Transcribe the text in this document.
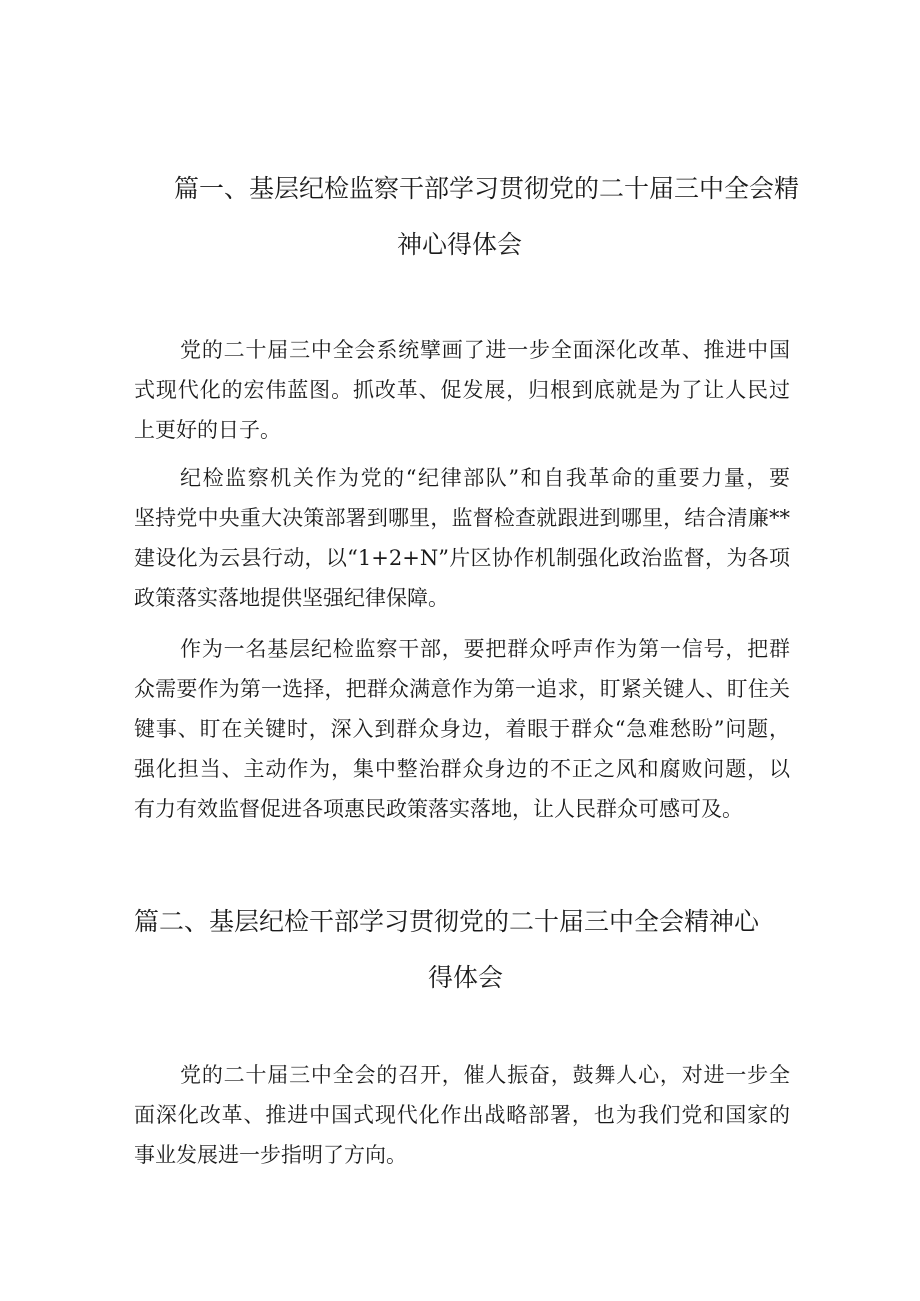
篇一、基层纪检监察干部学习贯彻党的二十届三中全会精
神心得体会

党的二十届三中全会系统擘画了进一步全面深化改革、推进中国
式现代化的宏伟蓝图。抓改革、促发展，归根到底就是为了让人民过
上更好的日子。

纪检监察机关作为党的“纪律部队”和自我革命的重要力量，要
坚持党中央重大决策部署到哪里，监督检查就跟进到哪里，结合清廉**
建设化为云县行动，以“1+2+N”片区协作机制强化政治监督，为各项
政策落实落地提供坚强纪律保障。

作为一名基层纪检监察干部，要把群众呼声作为第一信号，把群
众需要作为第一选择，把群众满意作为第一追求，盯紧关键人、盯住关
键事、盯在关键时，深入到群众身边，着眼于群众“急难愁盼”问题，
强化担当、主动作为，集中整治群众身边的不正之风和腐败问题，以
有力有效监督促进各项惠民政策落实落地，让人民群众可感可及。

篇二、基层纪检干部学习贯彻党的二十届三中全会精神心
得体会

党的二十届三中全会的召开，催人振奋，鼓舞人心，对进一步全
面深化改革、推进中国式现代化作出战略部署，也为我们党和国家的
事业发展进一步指明了方向。
